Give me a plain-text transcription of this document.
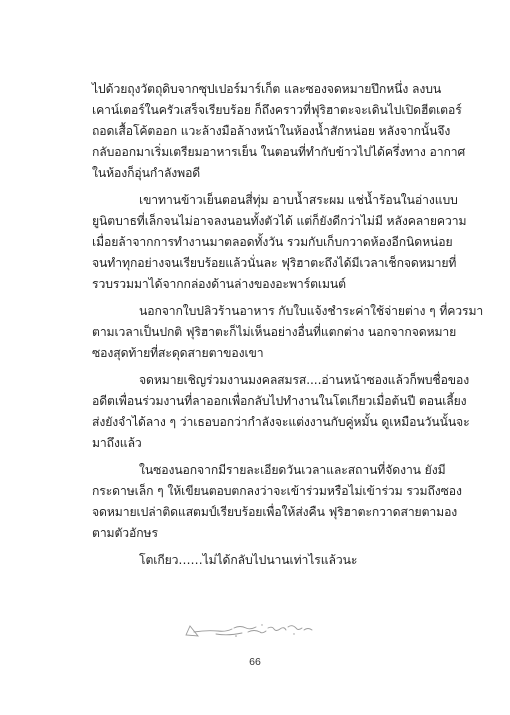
ไปด้วยถุงวัตถุดิบจากซุปเปอร์มาร์เก็ต และซองจดหมายปึกหนึ่ง ลงบน
เคาน์เตอร์ในครัวเสร็จเรียบร้อย ก็ถึงคราวที่ฟุริฮาตะจะเดินไปเปิดฮีตเตอร์
ถอดเสื้อโค้ตออก แวะล้างมือล้างหน้าในห้องน้ำสักหน่อย หลังจากนั้นจึง
กลับออกมาเริ่มเตรียมอาหารเย็น ในตอนที่ทำกับข้าวไปได้ครึ่งทาง อากาศ
ในห้องก็อุ่นกำลังพอดี
เขาทานข้าวเย็นตอนสี่ทุ่ม อาบน้ำสระผม แช่น้ำร้อนในอ่างแบบ
ยูนิตบาธที่เล็กจนไม่อาจลงนอนทั้งตัวได้ แต่ก็ยังดีกว่าไม่มี หลังคลายความ
เมื่อยล้าจากการทำงานมาตลอดทั้งวัน รวมกับเก็บกวาดห้องอีกนิดหน่อย
จนทำทุกอย่างจนเรียบร้อยแล้วนั่นละ ฟุริฮาตะถึงได้มีเวลาเช็กจดหมายที่
รวบรวมมาได้จากกล่องด้านล่างของอะพาร์ตเมนต์
นอกจากใบปลิวร้านอาหาร กับใบแจ้งชำระค่าใช้จ่ายต่าง ๆ ที่ควรมา
ตามเวลาเป็นปกติ ฟุริฮาตะก็ไม่เห็นอย่างอื่นที่แตกต่าง นอกจากจดหมาย
ซองสุดท้ายที่สะดุดสายตาของเขา
จดหมายเชิญร่วมงานมงคลสมรส....อ่านหน้าซองแล้วก็พบชื่อของ
อดีตเพื่อนร่วมงานที่ลาออกเพื่อกลับไปทำงานในโตเกียวเมื่อต้นปี ตอนเลี้ยง
ส่งยังจำได้ลาง ๆ ว่าเธอบอกว่ากำลังจะแต่งงานกับคู่หมั้น ดูเหมือนวันนั้นจะ
มาถึงแล้ว
ในซองนอกจากมีรายละเอียดวันเวลาและสถานที่จัดงาน ยังมี
กระดาษเล็ก ๆ ให้เขียนตอบตกลงว่าจะเข้าร่วมหรือไม่เข้าร่วม รวมถึงซอง
จดหมายเปล่าติดแสตมป์เรียบร้อยเพื่อให้ส่งคืน ฟุริฮาตะกวาดสายตามอง
ตามตัวอักษร
โตเกียว……ไม่ได้กลับไปนานเท่าไรแล้วนะ
66
